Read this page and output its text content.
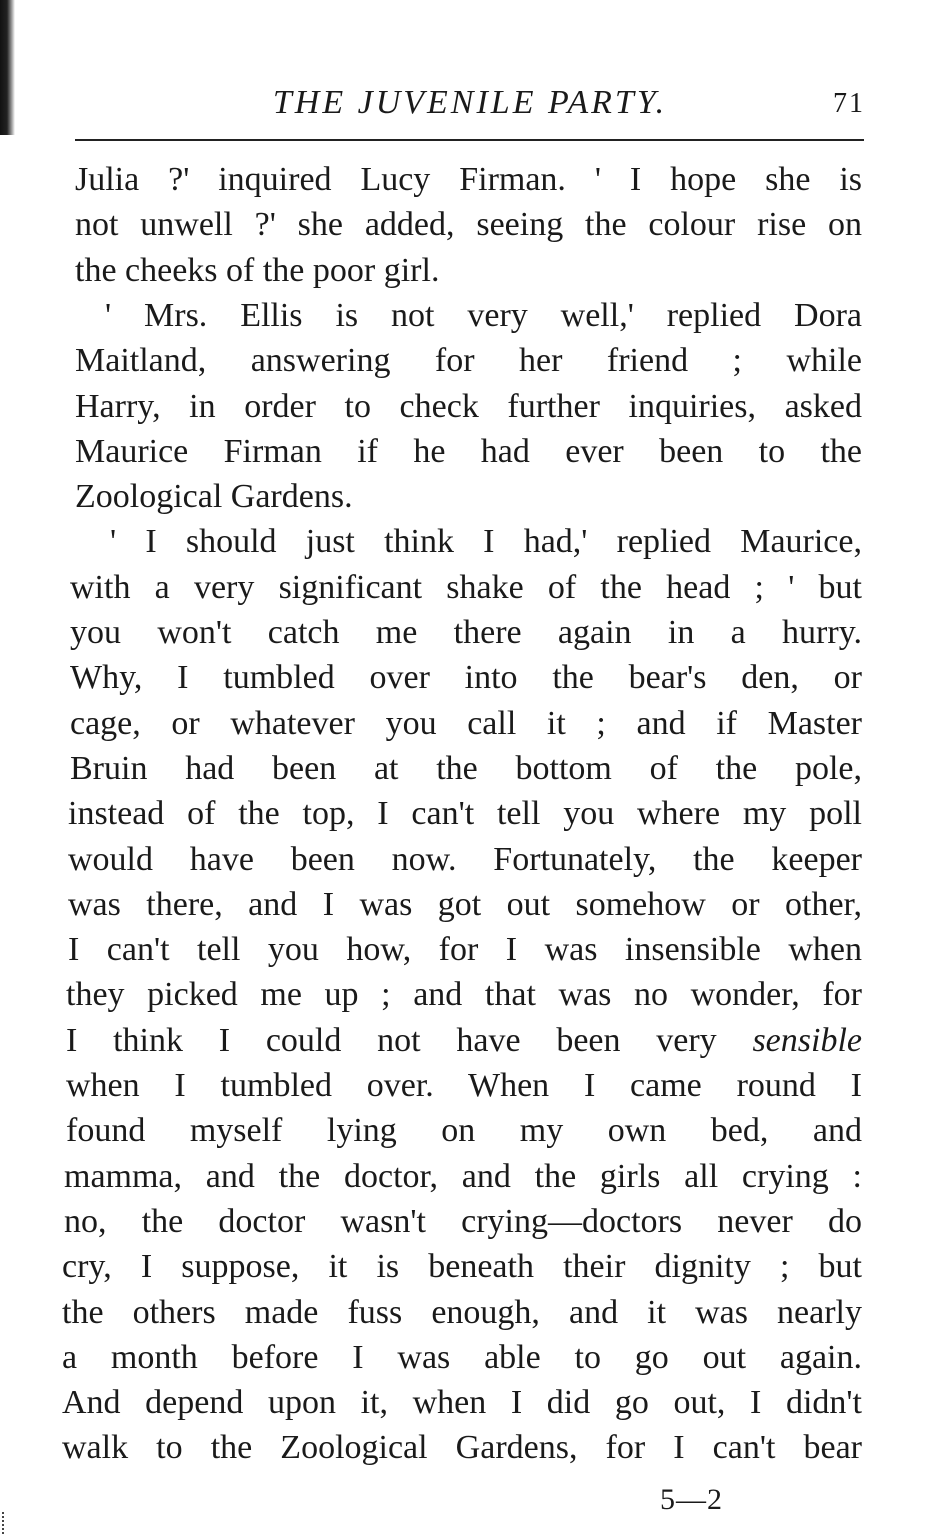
THE JUVENILE PARTY.	71
Julia ?' inquired Lucy Firman. ' I hope she is
not unwell ?' she added, seeing the colour rise on
the cheeks of the poor girl.
' Mrs. Ellis is not very well,' replied Dora
Maitland, answering for her friend ; while
Harry, in order to check further inquiries, asked
Maurice Firman if he had ever been to the
Zoological Gardens.
' I should just think I had,' replied Maurice,
with a very significant shake of the head ; ' but
you won't catch me there again in a hurry.
Why, I tumbled over into the bear's den, or
cage, or whatever you call it ; and if Master
Bruin had been at the bottom of the pole,
instead of the top, I can't tell you where my poll
would have been now. Fortunately, the keeper
was there, and I was got out somehow or other,
I can't tell you how, for I was insensible when
they picked me up ; and that was no wonder, for
I think I could not have been very sensible
when I tumbled over. When I came round I
found myself lying on my own bed, and
mamma, and the doctor, and the girls all crying :
no, the doctor wasn't crying—doctors never do
cry, I suppose, it is beneath their dignity ; but
the others made fuss enough, and it was nearly
a month before I was able to go out again.
And depend upon it, when I did go out, I didn't
walk to the Zoological Gardens, for I can't bear
5—2
